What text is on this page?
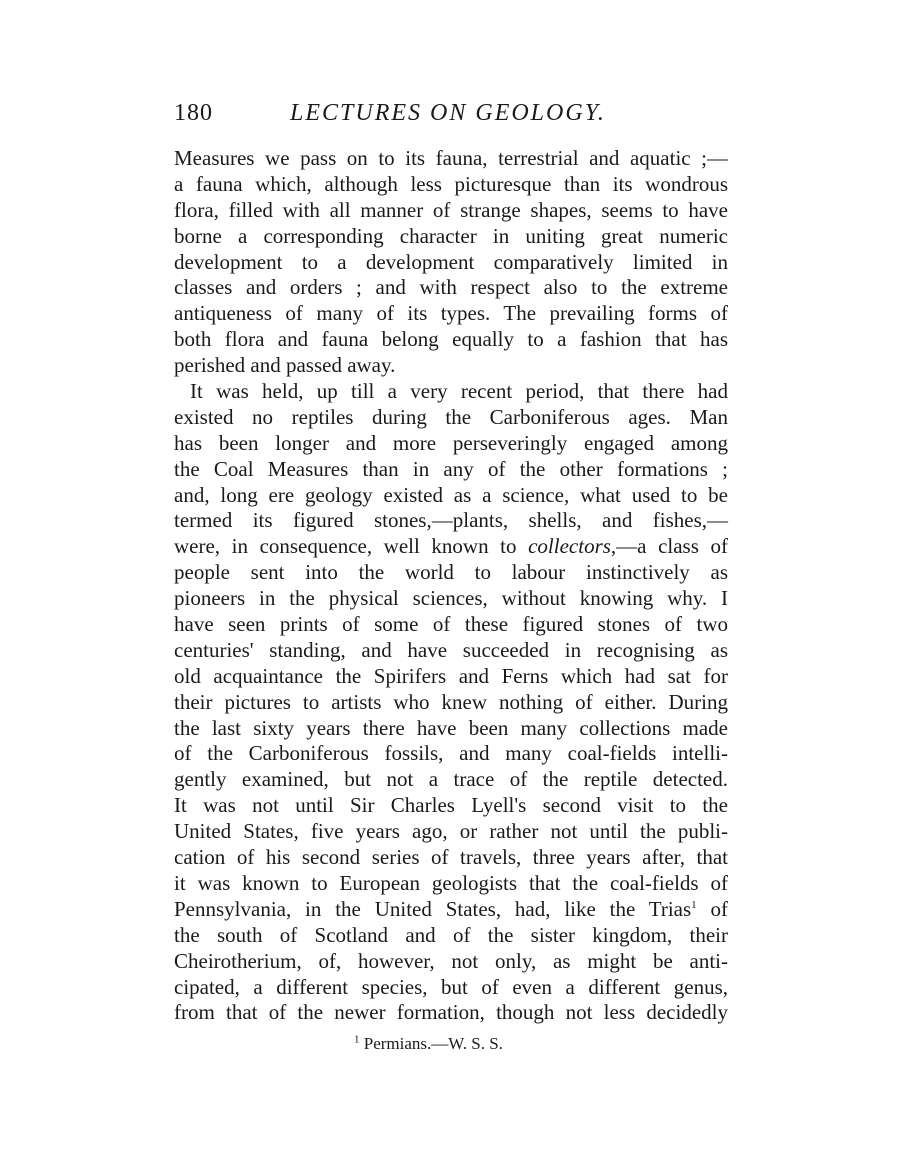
180	LECTURES ON GEOLOGY.
Measures we pass on to its fauna, terrestrial and aquatic ;—
a fauna which, although less picturesque than its wondrous
flora, filled with all manner of strange shapes, seems to have
borne a corresponding character in uniting great numeric
development to a development comparatively limited in
classes and orders ; and with respect also to the extreme
antiqueness of many of its types. The prevailing forms of
both flora and fauna belong equally to a fashion that has
perished and passed away.
It was held, up till a very recent period, that there had
existed no reptiles during the Carboniferous ages. Man
has been longer and more perseveringly engaged among
the Coal Measures than in any of the other formations ;
and, long ere geology existed as a science, what used to be
termed its figured stones,—plants, shells, and fishes,—
were, in consequence, well known to collectors,—a class of
people sent into the world to labour instinctively as
pioneers in the physical sciences, without knowing why. I
have seen prints of some of these figured stones of two
centuries' standing, and have succeeded in recognising as
old acquaintance the Spirifers and Ferns which had sat for
their pictures to artists who knew nothing of either. During
the last sixty years there have been many collections made
of the Carboniferous fossils, and many coal-fields intelli-
gently examined, but not a trace of the reptile detected.
It was not until Sir Charles Lyell's second visit to the
United States, five years ago, or rather not until the publi-
cation of his second series of travels, three years after, that
it was known to European geologists that the coal-fields of
Pennsylvania, in the United States, had, like the Trias$^1$ of
the south of Scotland and of the sister kingdom, their
Cheirotherium, of, however, not only, as might be anti-
cipated, a different species, but of even a different genus,
from that of the newer formation, though not less decidedly
$^1$ Permians.—W. S. S.
